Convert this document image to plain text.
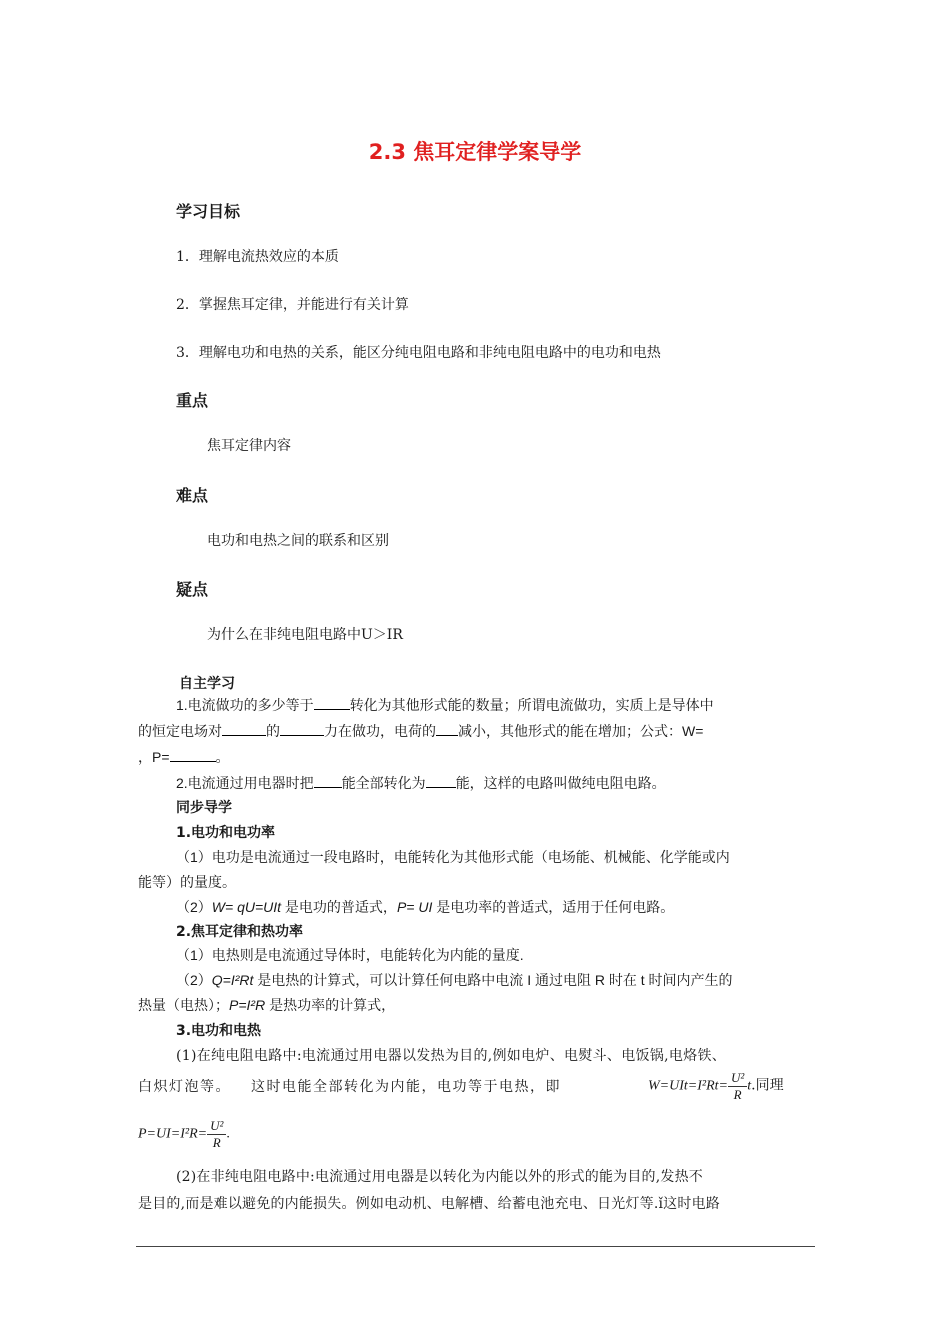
2.3 焦耳定律学案导学
学习目标
1．理解电流热效应的本质
2．掌握焦耳定律，并能进行有关计算
3．理解电功和电热的关系，能区分纯电阻电路和非纯电阻电路中的电功和电热
重点
焦耳定律内容
难点
电功和电热之间的联系和区别
疑点
为什么在非纯电阻电路中U＞IR
自主学习
1.电流做功的多少等于	转化为其他形式能的数量；所谓电流做功，实质上是导体中
的恒定电场对	的	力在做功，电荷的 减小，其他形式的能在增加；公式：W=
，P=	。
2.电流通过用电器时把 能全部转化为 能，这样的电路叫做纯电阻电路。
同步导学
1.电功和电功率
（1）电功是电流通过一段电路时，电能转化为其他形式能（电场能、机械能、化学能或内
能等）的量度。
（2）W= qU=UIt 是电功的普适式，P= UI 是电功率的普适式，适用于任何电路。
2.焦耳定律和热功率
（1）电热则是电流通过导体时，电能转化为内能的量度.
（2）Q=I²Rt 是电热的计算式，可以计算任何电路中电流 I 通过电阻 R 时在 t 时间内产生的
热量（电热）；P=I²R 是热功率的计算式，
3.电功和电热
(1)在纯电阻电路中:电流通过用电器以发热为目的,例如电炉、电熨斗、电饭锅,电烙铁、
白炽灯泡等。 这时电能全部转化为内能，电功等于电热，即	$W=UIt=I^2Rt= \frac{\text{U²}}{R} t$.同理
$P=UI=I^2R= \frac{\text{U²}}{R}$ .
(2)在非纯电阻电路中:电流通过用电器是以转化为内能以外的形式的能为目的,发热不
是目的,而是难以避免的内能损失。例如电动机、电解槽、给蓄电池充电、日光灯等.ǐ这时电路
